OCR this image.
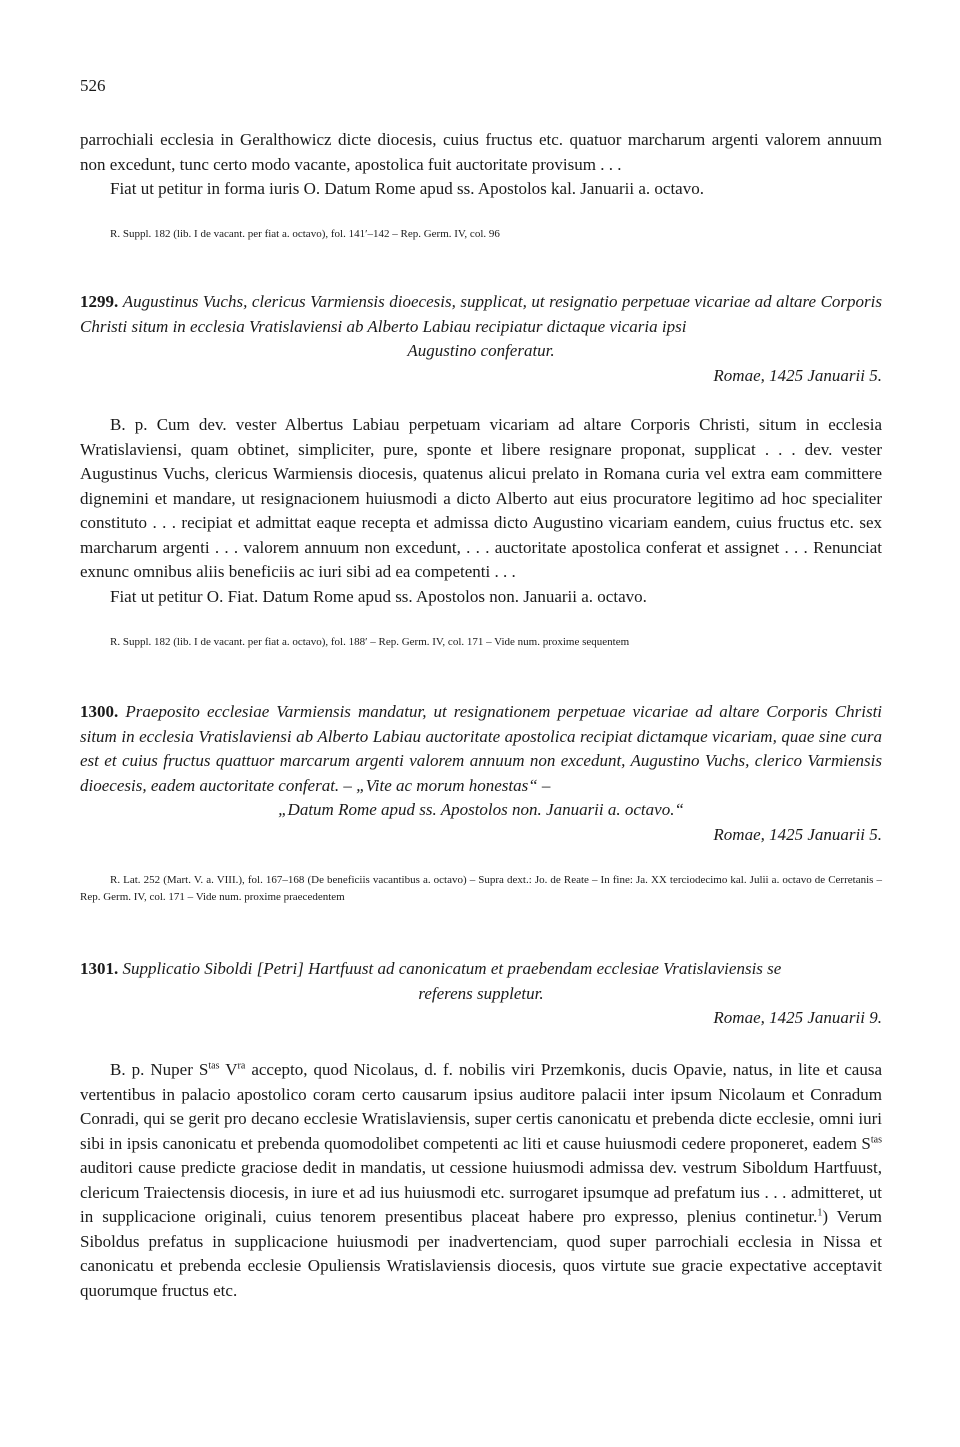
526

parrochiali ecclesia in Geralthowicz dicte diocesis, cuius fructus etc. quatuor marcharum argenti valorem annuum non excedunt, tunc certo modo vacante, apostolica fuit auctoritate provisum . . .

Fiat ut petitur in forma iuris O. Datum Rome apud ss. Apostolos kal. Januarii a. octavo.

R. Suppl. 182 (lib. I de vacant. per fiat a. octavo), fol. 141′–142 – Rep. Germ. IV, col. 96

1299. Augustinus Vuchs, clericus Varmiensis dioecesis, supplicat, ut resignatio perpetuae vicariae ad altare Corporis Christi situm in ecclesia Vratislaviensi ab Alberto Labiau recipiatur dictaque vicaria ipsi

Augustino conferatur.

Romae, 1425 Januarii 5.

B. p. Cum dev. vester Albertus Labiau perpetuam vicariam ad altare Corporis Christi, situm in ecclesia Wratislaviensi, quam obtinet, simpliciter, pure, sponte et libere resignare proponat, supplicat . . . dev. vester Augustinus Vuchs, clericus Warmiensis diocesis, quatenus alicui prelato in Romana curia vel extra eam committere dignemini et mandare, ut resignacionem huiusmodi a dicto Alberto aut eius procuratore legitimo ad hoc specialiter constituto . . . recipiat et admittat eaque recepta et admissa dicto Augustino vicariam eandem, cuius fructus etc. sex marcharum argenti . . . valorem annuum non excedunt, . . . auctoritate apostolica conferat et assignet . . . Renunciat exnunc omnibus aliis beneficiis ac iuri sibi ad ea competenti . . .

Fiat ut petitur O. Fiat. Datum Rome apud ss. Apostolos non. Januarii a. octavo.

R. Suppl. 182 (lib. I de vacant. per fiat a. octavo), fol. 188′ – Rep. Germ. IV, col. 171 – Vide num. proxime sequentem

1300. Praeposito ecclesiae Varmiensis mandatur, ut resignationem perpetuae vicariae ad altare Corporis Christi situm in ecclesia Vratislaviensi ab Alberto Labiau auctoritate apostolica recipiat dictamque vicariam, quae sine cura est et cuius fructus quattuor marcarum argenti valorem annuum non excedunt, Augustino Vuchs, clerico Varmiensis dioecesis, eadem auctoritate conferat. – „Vite ac morum honestas“ –

„Datum Rome apud ss. Apostolos non. Januarii a. octavo.“

Romae, 1425 Januarii 5.

R. Lat. 252 (Mart. V. a. VIII.), fol. 167–168 (De beneficiis vacantibus a. octavo) – Supra dext.: Jo. de Reate – In fine: Ja. XX terciodecimo kal. Julii a. octavo de Cerretanis – Rep. Germ. IV, col. 171 – Vide num. proxime praecedentem

1301. Supplicatio Siboldi [Petri] Hartfuust ad canonicatum et praebendam ecclesiae Vratislaviensis se

referens suppletur.

Romae, 1425 Januarii 9.

B. p. Nuper $S^{tas}$ $V^{ra}$ accepto, quod Nicolaus, d. f. nobilis viri Przemkonis, ducis Opavie, natus, in lite et causa vertentibus in palacio apostolico coram certo causarum ipsius auditore palacii inter ipsum Nicolaum et Conradum Conradi, qui se gerit pro decano ecclesie Wratislaviensis, super certis canonicatu et prebenda dicte ecclesie, omni iuri sibi in ipsis canonicatu et prebenda quomodolibet competenti ac liti et cause huiusmodi cedere proponeret, eadem $S^{tas}$ auditori cause predicte graciose dedit in mandatis, ut cessione huiusmodi admissa dev. vestrum Siboldum Hartfuust, clericum Traiectensis diocesis, in iure et ad ius huiusmodi etc. surrogaret ipsumque ad prefatum ius . . . admitteret, ut in supplicacione originali, cuius tenorem presentibus placeat habere pro expresso, plenius continetur.$^1$) Verum Siboldus prefatus in supplicacione huiusmodi per inadvertenciam, quod super parrochiali ecclesia in Nissa et canonicatu et prebenda ecclesie Opuliensis Wratislaviensis diocesis, quos virtute sue gracie expectative acceptavit quorumque fructus etc.
